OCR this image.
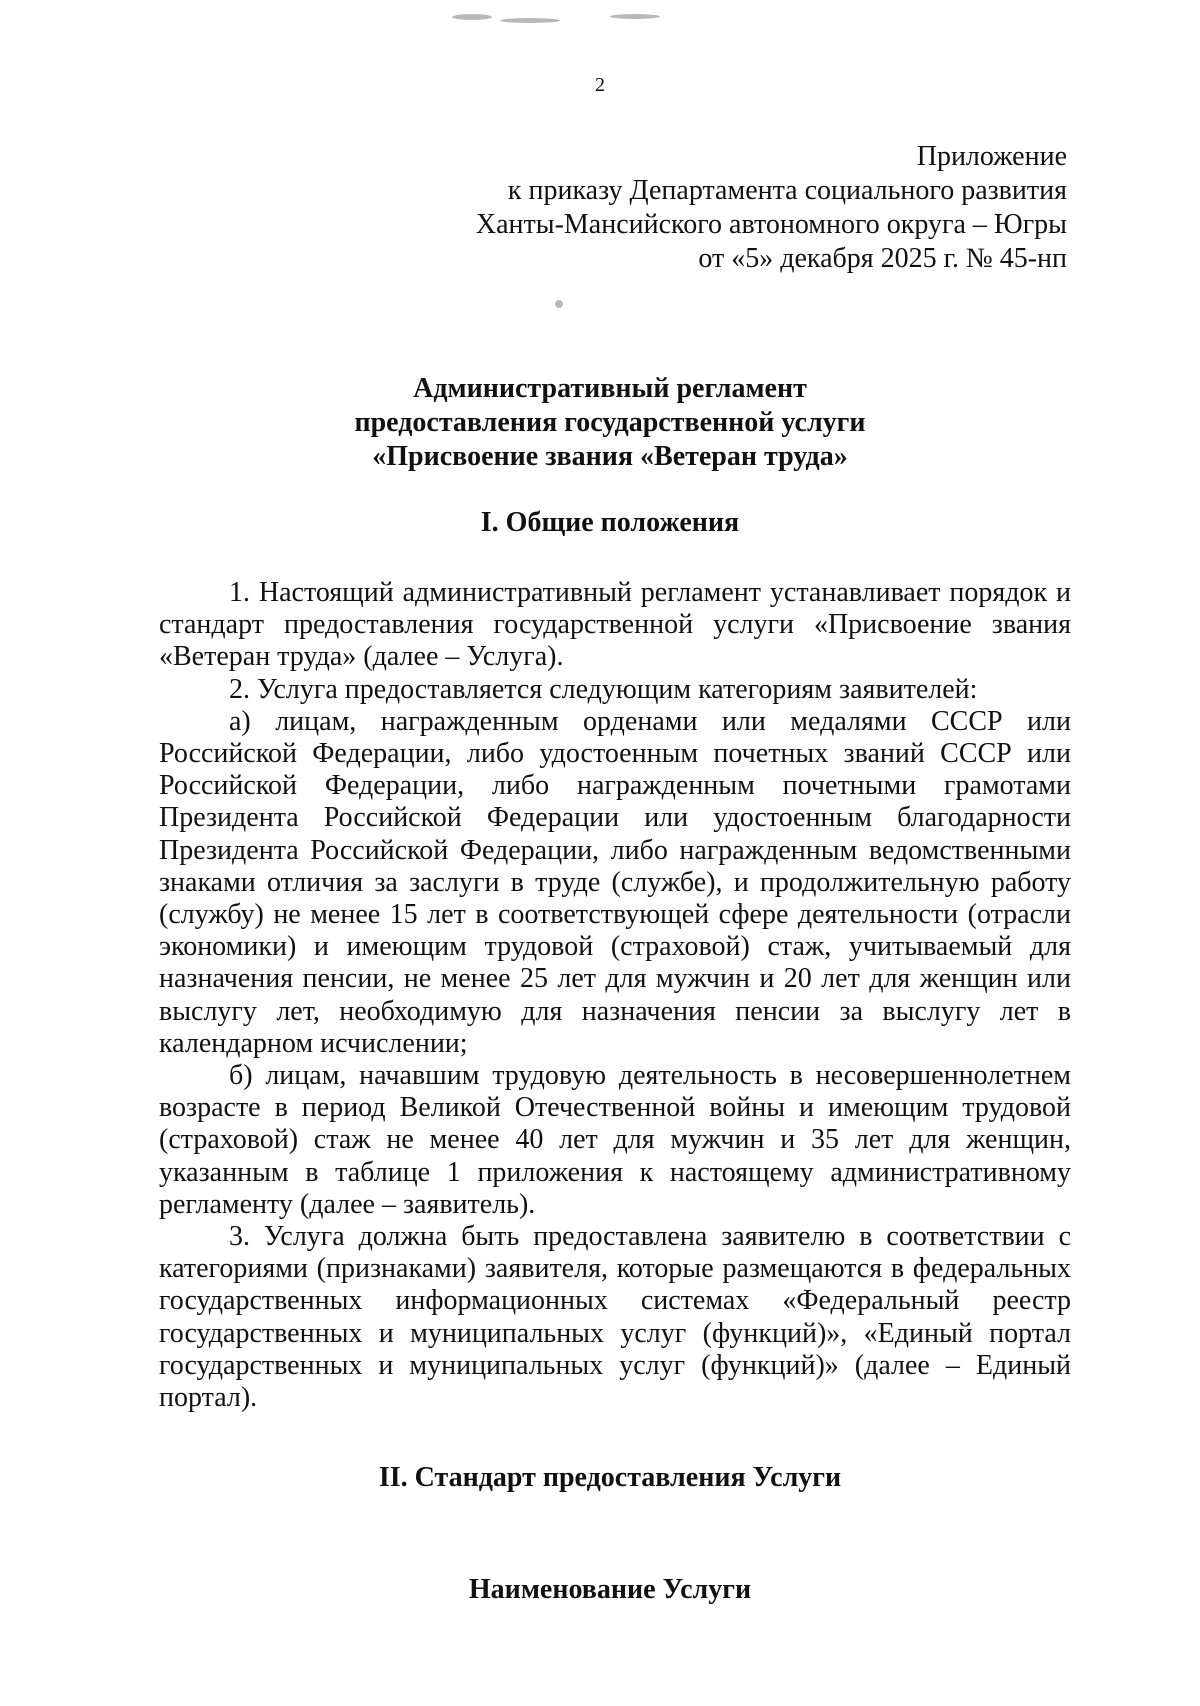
2
Приложение
к приказу Департамента социального развития
Ханты-Мансийского автономного округа – Югры
от «5» декабря 2025 г. № 45-нп
Административный регламент
предоставления государственной услуги
«Присвоение звания «Ветеран труда»
I. Общие положения

1. Настоящий административный регламент устанавливает порядок и стандарт предоставления государственной услуги «Присвоение звания «Ветеран труда» (далее – Услуга).

2. Услуга предоставляется следующим категориям заявителей:

а) лицам, награжденным орденами или медалями СССР или Российской Федерации, либо удостоенным почетных званий СССР или Российской Федерации, либо награжденным почетными грамотами Президента Российской Федерации или удостоенным благодарности Президента Российской Федерации, либо награжденным ведомственными знаками отличия за заслуги в труде (службе), и продолжительную работу (службу) не менее 15 лет в соответствующей сфере деятельности (отрасли экономики) и имеющим трудовой (страховой) стаж, учитываемый для назначения пенсии, не менее 25 лет для мужчин и 20 лет для женщин или выслугу лет, необходимую для назначения пенсии за выслугу лет в календарном исчислении;

б) лицам, начавшим трудовую деятельность в несовершеннолетнем возрасте в период Великой Отечественной войны и имеющим трудовой (страховой) стаж не менее 40 лет для мужчин и 35 лет для женщин, указанным в таблице 1 приложения к настоящему административному регламенту (далее – заявитель).

3. Услуга должна быть предоставлена заявителю в соответствии с категориями (признаками) заявителя, которые размещаются в федеральных государственных информационных системах «Федеральный реестр государственных и муниципальных услуг (функций)», «Единый портал государственных и муниципальных услуг (функций)» (далее – Единый портал).

II. Стандарт предоставления Услуги
Наименование Услуги
